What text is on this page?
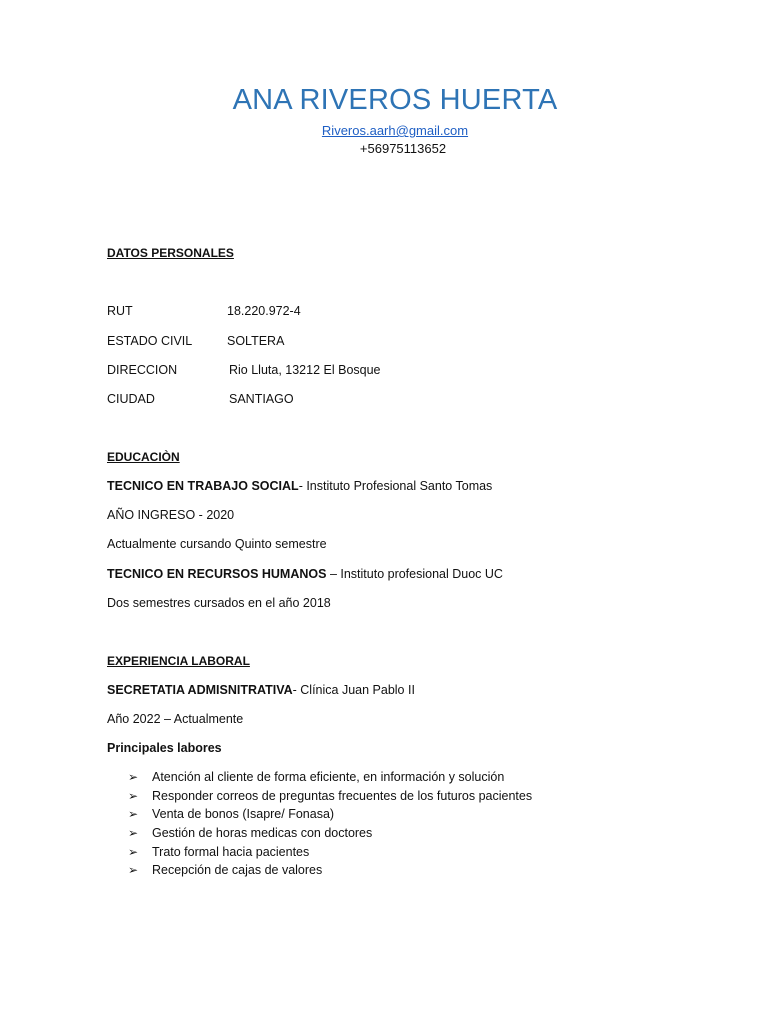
ANA RIVEROS HUERTA
Riveros.aarh@gmail.com
+56975113652
DATOS PERSONALES
RUT	18.220.972-4
ESTADO CIVIL	SOLTERA
DIRECCION	Rio Lluta, 13212 El Bosque
CIUDAD	SANTIAGO
EDUCACIÒN
TECNICO EN TRABAJO SOCIAL- Instituto Profesional Santo Tomas
AÑO INGRESO - 2020
Actualmente cursando Quinto semestre
TECNICO EN RECURSOS HUMANOS – Instituto profesional Duoc UC
Dos semestres cursados en el año 2018
EXPERIENCIA LABORAL
SECRETATIA ADMISNITRATIVA- Clínica Juan Pablo II
Año 2022 – Actualmente
Principales labores
➢	Atención al cliente de forma eficiente, en información y solución
➢	Responder correos de preguntas frecuentes de los futuros pacientes
➢	Venta de bonos (Isapre/ Fonasa)
➢	Gestión de horas medicas con doctores
➢	Trato formal hacia pacientes
➢	Recepción de cajas de valores
